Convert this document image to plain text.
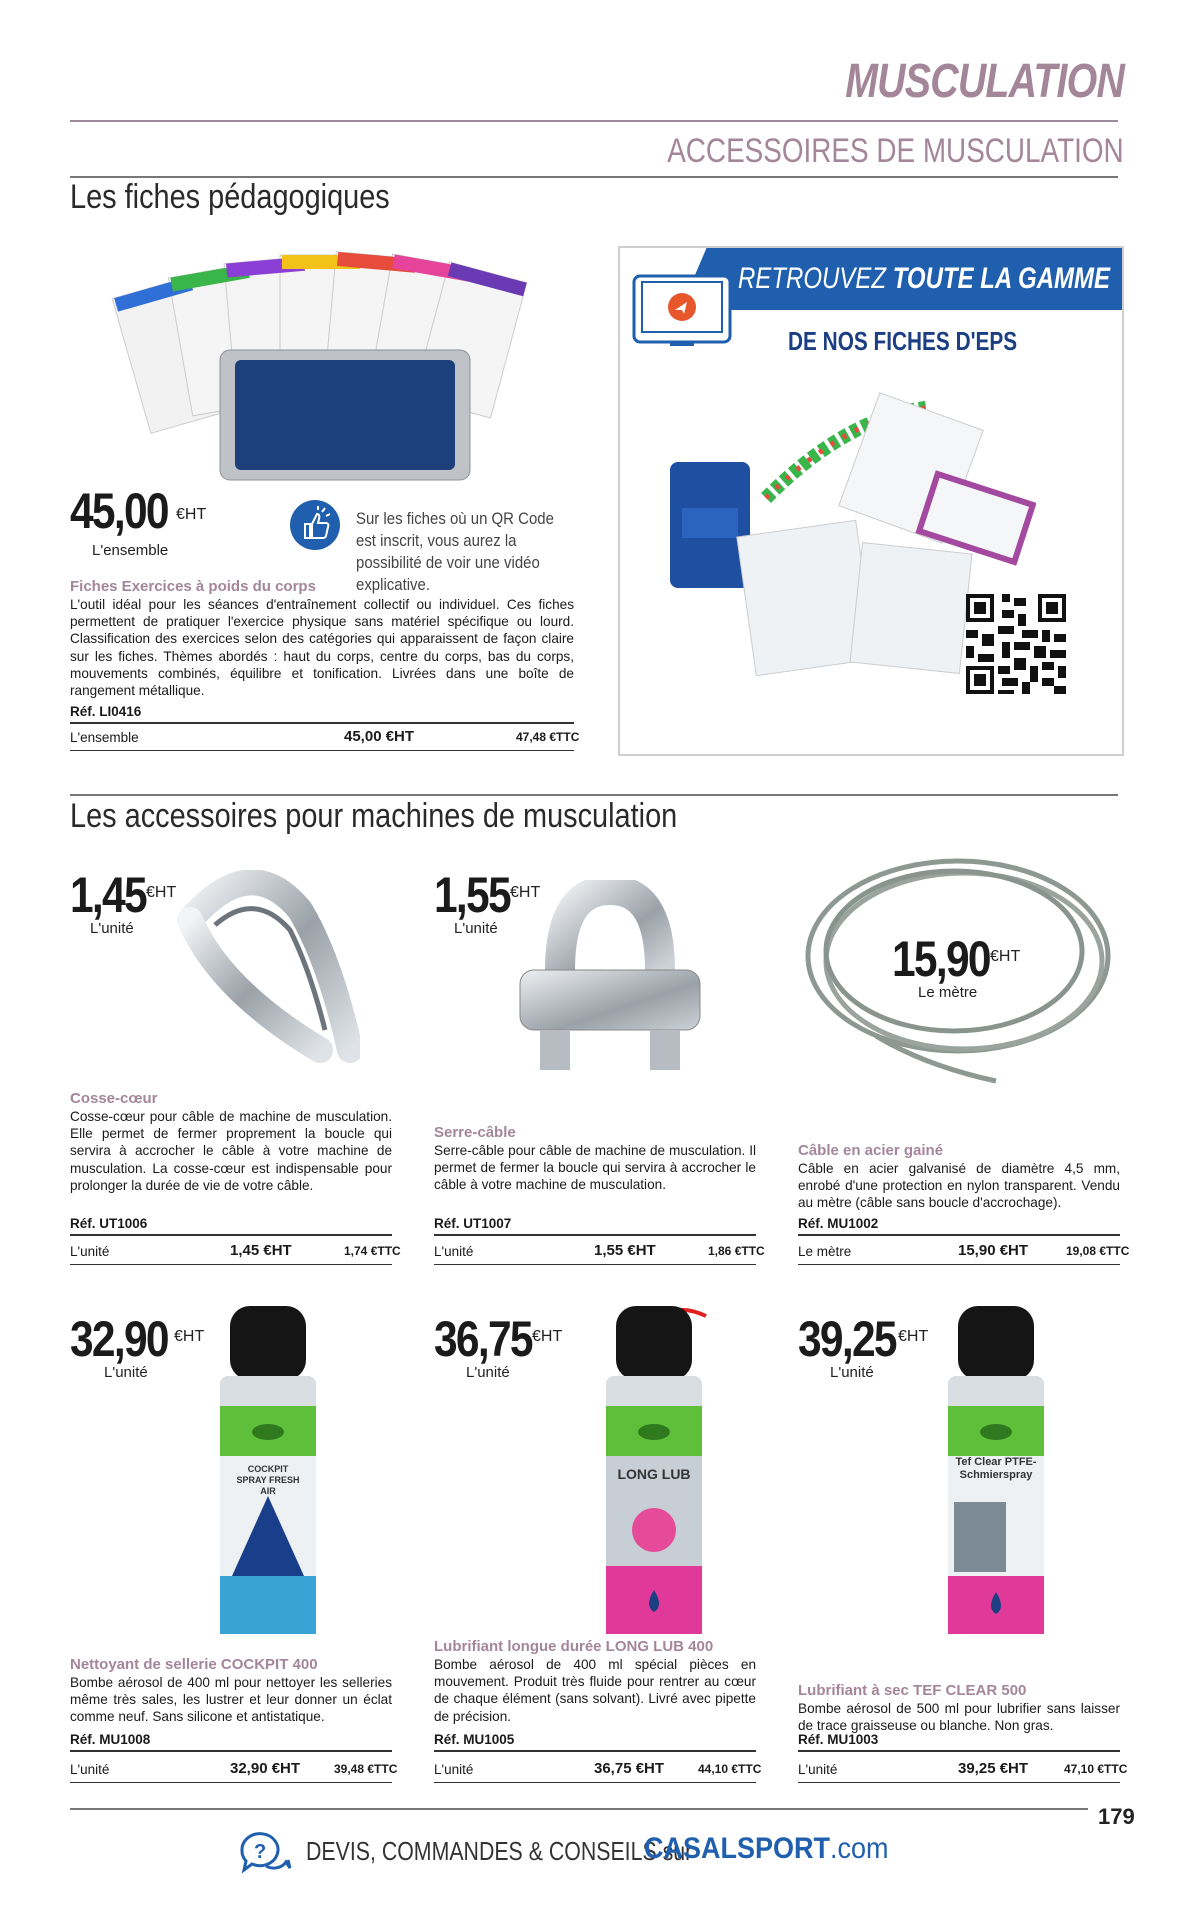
MUSCULATION
ACCESSOIRES DE MUSCULATION
Les fiches pédagogiques
45,00 €HT
L'ensemble
Sur les fiches où un QR Code est inscrit, vous aurez la possibilité de voir une vidéo explicative.
Fiches Exercices à poids du corps
L'outil idéal pour les séances d'entraînement collectif ou individuel. Ces fiches permettent de pratiquer l'exercice physique sans matériel spécifique ou lourd. Classification des exercices selon des catégories qui apparaissent de façon claire sur les fiches. Thèmes abordés : haut du corps, centre du corps, bas du corps, mouvements combinés, équilibre et tonification. Livrées dans une boîte de rangement métallique.
Réf. LI0416
L'ensemble	45,00 €HT	47,48 €TTC
RETROUVEZ TOUTE LA GAMME
DE NOS FICHES D'EPS
Les accessoires pour machines de musculation
1,45 €HT
L'unité
Cosse-cœur
Cosse-cœur pour câble de machine de musculation. Elle permet de fermer proprement la boucle qui servira à accrocher le câble à votre machine de musculation. La cosse-cœur est indispensable pour prolonger la durée de vie de votre câble.
Réf. UT1006
L'unité	1,45 €HT	1,74 €TTC
1,55 €HT
L'unité
Serre-câble
Serre-câble pour câble de machine de musculation. Il permet de fermer la boucle qui servira à accrocher le câble à votre machine de musculation.
Réf. UT1007
L'unité	1,55 €HT	1,86 €TTC
15,90 €HT
Le mètre
Câble en acier gainé
Câble en acier galvanisé de diamètre 4,5 mm, enrobé d'une protection en nylon transparent. Vendu au mètre (câble sans boucle d'accrochage).
Réf. MU1002
Le mètre	15,90 €HT	19,08 €TTC
32,90 €HT
L'unité
COCKPIT SPRAY FRESH AIR
Nettoyant de sellerie COCKPIT 400
Bombe aérosol de 400 ml pour nettoyer les selleries même très sales, les lustrer et leur donner un éclat comme neuf. Sans silicone et antistatique.
Réf. MU1008
L'unité	32,90 €HT	39,48 €TTC
36,75 €HT
L'unité
LONG LUB
Lubrifiant longue durée LONG LUB 400
Bombe aérosol de 400 ml spécial pièces en mouvement. Produit très fluide pour rentrer au cœur de chaque élément (sans solvant). Livré avec pipette de précision.
Réf. MU1005
L'unité	36,75 €HT	44,10 €TTC
39,25 €HT
L'unité
Tef Clear PTFE-Schmierspray
Lubrifiant à sec TEF CLEAR 500
Bombe aérosol de 500 ml pour lubrifier sans laisser de trace graisseuse ou blanche. Non gras.
Réf. MU1003
L'unité	39,25 €HT	47,10 €TTC
? DEVIS, COMMANDES & CONSEILS sur
CASALSPORT.com
179
